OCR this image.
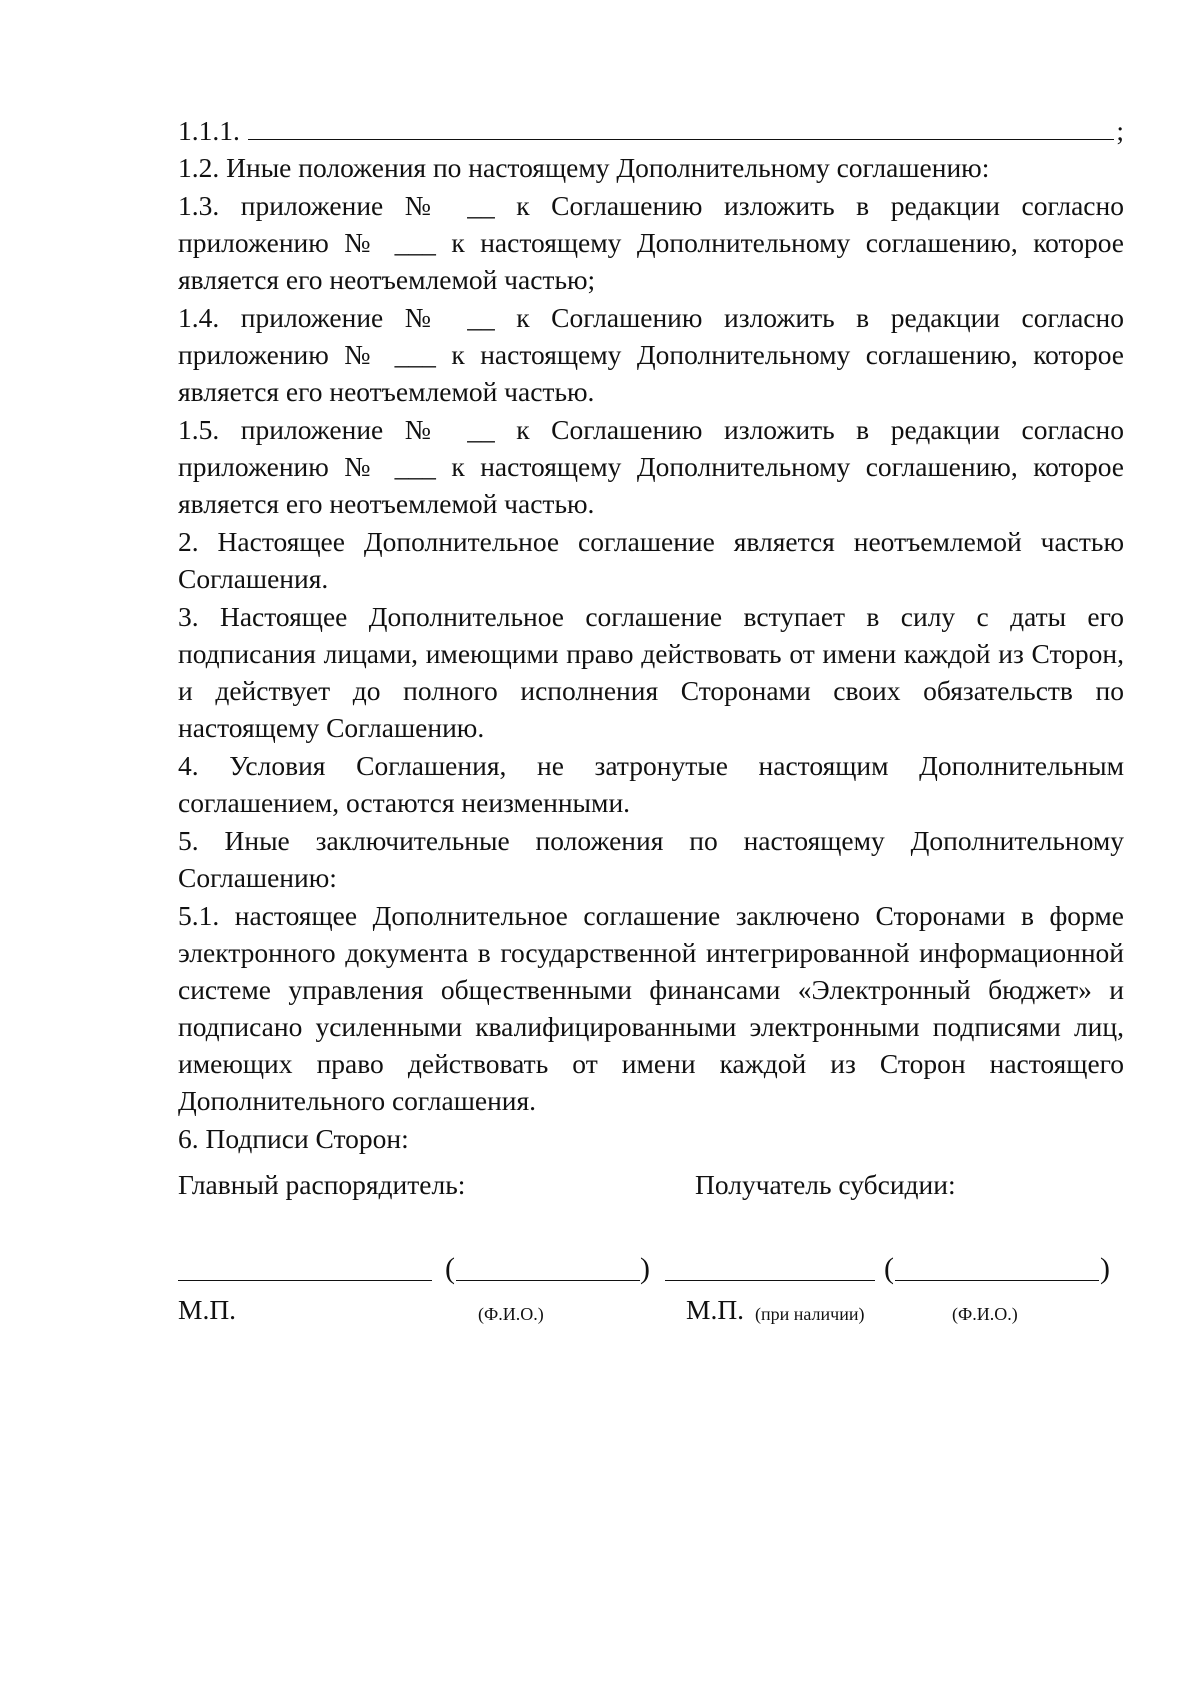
1.1.1.	;

1.2. Иные положения по настоящему Дополнительному соглашению:

1.3. приложение № __ к Соглашению изложить в редакции согласно приложению № ___ к настоящему Дополнительному соглашению, которое является его неотъемлемой частью;

1.4. приложение № __ к Соглашению изложить в редакции согласно приложению № ___ к настоящему Дополнительному соглашению, которое является его неотъемлемой частью.

1.5. приложение № __ к Соглашению изложить в редакции согласно приложению № ___ к настоящему Дополнительному соглашению, которое является его неотъемлемой частью.

2. Настоящее Дополнительное соглашение является неотъемлемой частью Соглашения.

3. Настоящее Дополнительное соглашение вступает в силу с даты его подписания лицами, имеющими право действовать от имени каждой из Сторон, и действует до полного исполнения Сторонами своих обязательств по настоящему Соглашению.

4. Условия Соглашения, не затронутые настоящим Дополнительным соглашением, остаются неизменными.

5. Иные заключительные положения по настоящему Дополнительному Соглашению:

5.1. настоящее Дополнительное соглашение заключено Сторонами в форме электронного документа в государственной интегрированной информационной системе управления общественными финансами «Электронный бюджет» и подписано усиленными квалифицированными электронными подписями лиц, имеющих право действовать от имени каждой из Сторон настоящего Дополнительного соглашения.

6. Подписи Сторон:

Главный распорядитель:	Получатель субсидии:
(	)	(	)
М.П.	(Ф.И.О.)	М.П. (при наличии)	(Ф.И.О.)
